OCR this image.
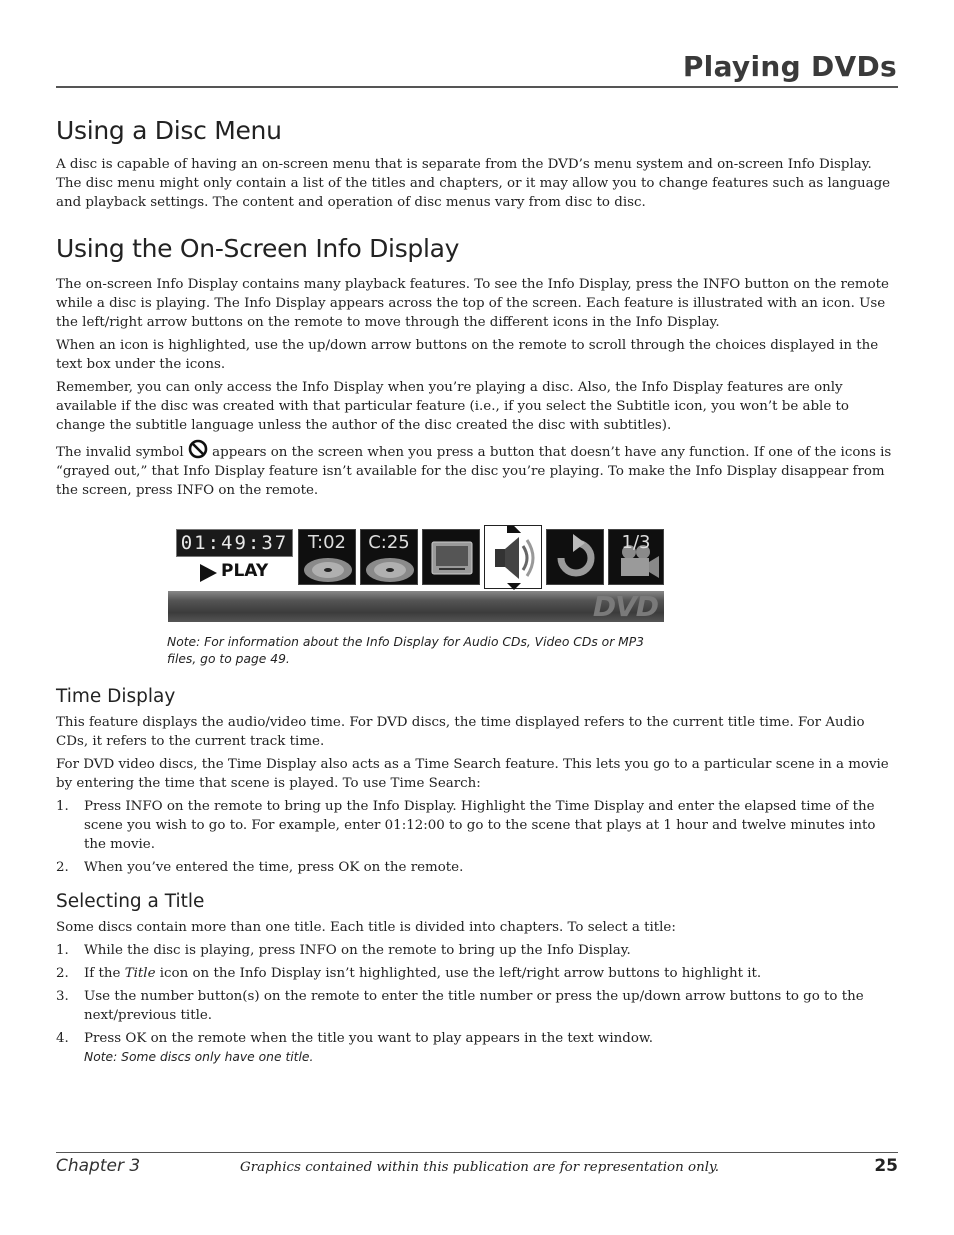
Playing DVDs
Using a Disc Menu

A disc is capable of having an on-screen menu that is separate from the DVD’s menu system and on-screen Info Display. The disc menu might only contain a list of the titles and chapters, or it may allow you to change features such as language and playback settings. The content and operation of disc menus vary from disc to disc.

Using the On-Screen Info Display

The on-screen Info Display contains many playback features. To see the Info Display, press the INFO button on the remote while a disc is playing. The Info Display appears across the top of the screen. Each feature is illustrated with an icon. Use the left/right arrow buttons on the remote to move through the different icons in the Info Display.

When an icon is highlighted, use the up/down arrow buttons on the remote to scroll through the choices displayed in the text box under the icons.

Remember, you can only access the Info Display when you’re playing a disc. Also, the Info Display features are only available if the disc was created with that particular feature (i.e., if you select the Subtitle icon, you won’t be able to change the subtitle language unless the author of the disc created the disc with subtitles).

The invalid symbol  appears on the screen when you press a button that doesn’t have any function. If one of the icons is “grayed out,” that Info Display feature isn’t available for the disc you’re playing. To make the Info Display disappear from the screen, press INFO on the remote.

01:49:37
PLAY
T:02	C:25	1/3
DVD
Note: For information about the Info Display for Audio CDs, Video CDs or MP3 files, go to page 49.
Time Display

This feature displays the audio/video time. For DVD discs, the time displayed refers to the current title time. For Audio CDs, it refers to the current track time.

For DVD video discs, the Time Display also acts as a Time Search feature. This lets you go to a particular scene in a movie by entering the time that scene is played. To use Time Search:

1. Press INFO on the remote to bring up the Info Display. Highlight the Time Display and enter the elapsed time of the scene you wish to go to. For example, enter 01:12:00 to go to the scene that plays at 1 hour and twelve minutes into the movie.
2. When you’ve entered the time, press OK on the remote.
Selecting a Title

Some discs contain more than one title. Each title is divided into chapters. To select a title:

1. While the disc is playing, press INFO on the remote to bring up the Info Display.
2. If the Title icon on the Info Display isn’t highlighted, use the left/right arrow buttons to highlight it.
3. Use the number button(s) on the remote to enter the title number or press the up/down arrow buttons to go to the next/previous title.
4. Press OK on the remote when the title you want to play appears in the text window.
Note: Some discs only have one title.
Chapter 3	Graphics contained within this publication are for representation only.	25
